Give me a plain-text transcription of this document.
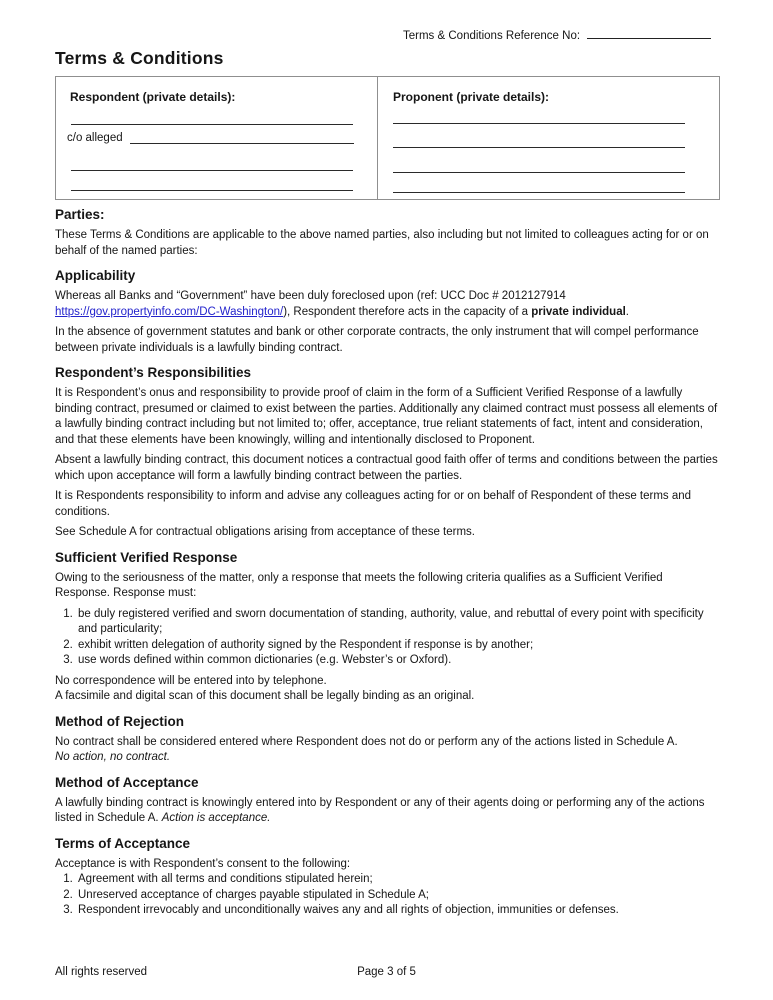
Terms & Conditions Reference No:
Terms & Conditions
Respondent (private details):
c/o alleged
Proponent (private details):
Parties:

These Terms & Conditions are applicable to the above named parties, also including but not limited to colleagues acting for or on behalf of the named parties:

Applicability

Whereas all Banks and “Government” have been duly foreclosed upon (ref: UCC Doc # 2012127914 https://gov.propertyinfo.com/DC-Washington/), Respondent therefore acts in the capacity of a private individual.

In the absence of government statutes and bank or other corporate contracts, the only instrument that will compel performance between private individuals is a lawfully binding contract.

Respondent’s Responsibilities

It is Respondent’s onus and responsibility to provide proof of claim in the form of a Sufficient Verified Response of a lawfully binding contract, presumed or claimed to exist between the parties. Additionally any claimed contract must possess all elements of a lawfully binding contract including but not limited to; offer, acceptance, true reliant statements of fact, intent and consideration, and that these elements have been knowingly, willing and intentionally disclosed to Proponent.

Absent a lawfully binding contract, this document notices a contractual good faith offer of terms and conditions between the parties which upon acceptance will form a lawfully binding contract between the parties.

It is Respondents responsibility to inform and advise any colleagues acting for or on behalf of Respondent of these terms and conditions.

See Schedule A for contractual obligations arising from acceptance of these terms.

Sufficient Verified Response

Owing to the seriousness of the matter, only a response that meets the following criteria qualifies as a Sufficient Verified Response. Response must:

1. be duly registered verified and sworn documentation of standing, authority, value, and rebuttal of every point with specificity and particularity;
2. exhibit written delegation of authority signed by the Respondent if response is by another;
3. use words defined within common dictionaries (e.g. Webster’s or Oxford).

No correspondence will be entered into by telephone.
A facsimile and digital scan of this document shall be legally binding as an original.

Method of Rejection

No contract shall be considered entered where Respondent does not do or perform any of the actions listed in Schedule A.
No action, no contract.

Method of Acceptance

A lawfully binding contract is knowingly entered into by Respondent or any of their agents doing or performing any of the actions listed in Schedule A. Action is acceptance.

Terms of Acceptance

Acceptance is with Respondent’s consent to the following:

1. Agreement with all terms and conditions stipulated herein;
2. Unreserved acceptance of charges payable stipulated in Schedule A;
3. Respondent irrevocably and unconditionally waives any and all rights of objection, immunities or defenses.
All rights reserved	Page 3 of 5
